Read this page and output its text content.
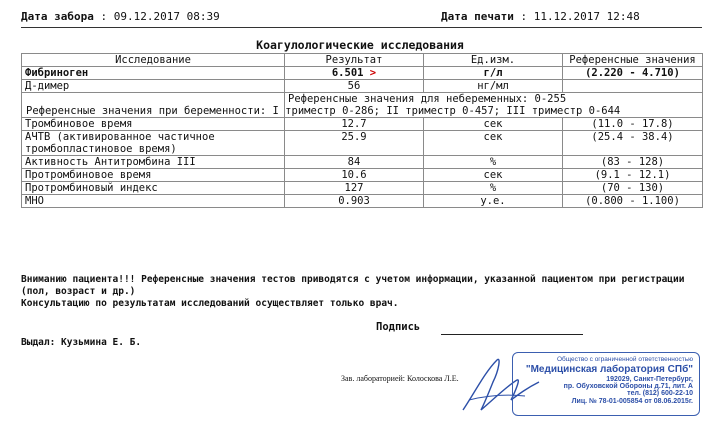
Дата забора : 09.12.2017 08:39	Дата печати : 11.12.2017 12:48
Коагулологические исследования
Исследование	Результат	Ед.изм.	Референсные значения
Фибриноген	6.501 >	г/л	(2.220 - 4.710)
Д-димер	56	нг/мл	

	Референсные значения для небеременных: 0-255
Референсные значения при беременности: I триместр 0-286; II триместр 0-457; III триместр 0-644		

Тромбиновое время	12.7	сек	(11.0 - 17.8)
АЧТВ (активированное частичное тромбопластиновое время)	25.9	сек	(25.4 - 38.4)
Активность Антитромбина III	84	%	(83 - 128)
Протромбиновое время	10.6	сек	(9.1 - 12.1)
Протромбиновый индекс	127	%	(70 - 130)
МНО	0.903	у.е.	(0.800 - 1.100)
Вниманию пациента!!! Референсные значения тестов приводятся с учетом информации, указанной пациентом при регистрации (пол, возраст и др.)
Консультацию по результатам исследований осуществляет только врач.
Подпись
Выдал: Кузьмина Е. Б.
Зав. лабораторией: Колоскова Л.Е.
Общество с ограниченной ответственностью
"Медицинская лаборатория СПб"
192029, Санкт-Петербург,
пр. Обуховской Обороны д.71, лит. А
тел. (812) 600-22-10
Лиц. № 78-01-005854 от 08.06.2015г.
